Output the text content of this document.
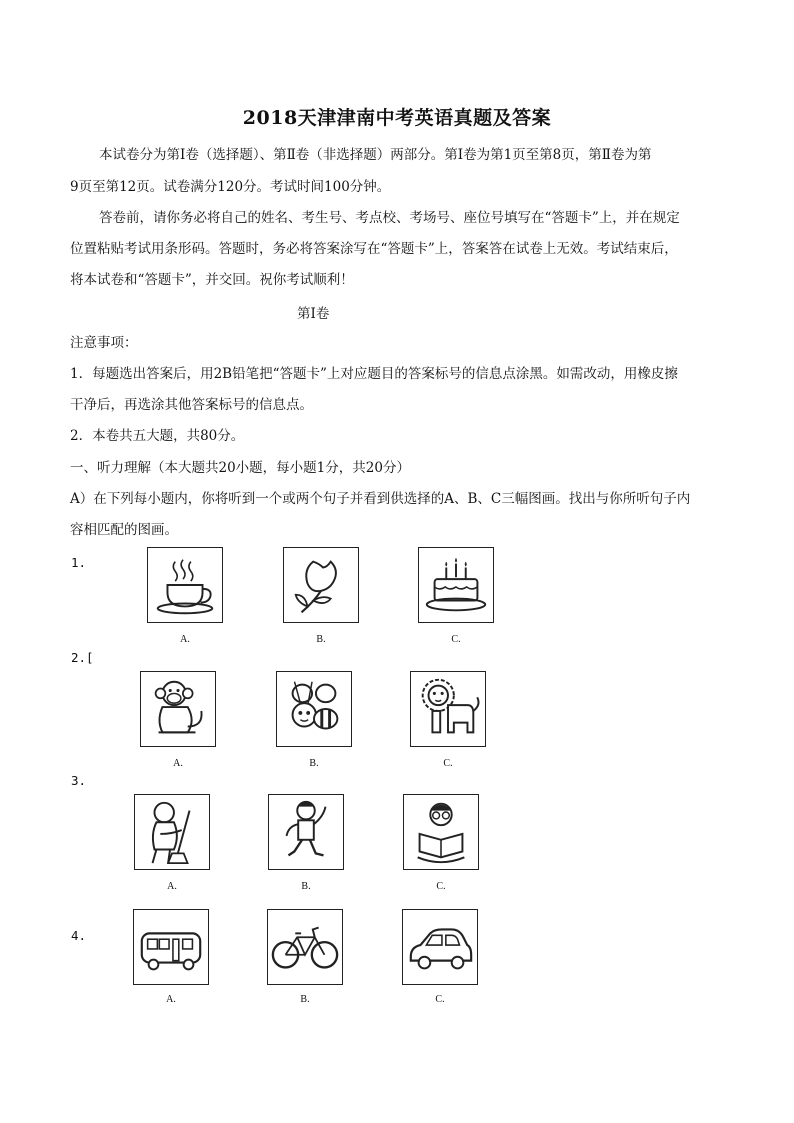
2018天津津南中考英语真题及答案
本试卷分为第Ⅰ卷（选择题）、第Ⅱ卷（非选择题）两部分。第Ⅰ卷为第1页至第8页，第Ⅱ卷为第
9页至第12页。试卷满分120分。考试时间100分钟。
答卷前，请你务必将自己的姓名、考生号、考点校、考场号、座位号填写在“答题卡”上，并在规定
位置粘贴考试用条形码。答题时，务必将答案涂写在“答题卡”上，答案答在试卷上无效。考试结束后，
将本试卷和“答题卡”，并交回。祝你考试顺利！
第Ⅰ卷
注意事项：
1．每题选出答案后，用2B铅笔把“答题卡”上对应题目的答案标号的信息点涂黑。如需改动，用橡皮擦
干净后，再选涂其他答案标号的信息点。
2．本卷共五大题，共80分。
一、听力理解（本大题共20小题，每小题1分，共20分）
A）在下列每小题内，你将听到一个或两个句子并看到供选择的A、B、C三幅图画。找出与你所听句子内
容相匹配的图画。
1.
A.	B.	C.
2.[
A.	B.	C.
3.
A.	B.	C.
4.
A.	B.	C.
